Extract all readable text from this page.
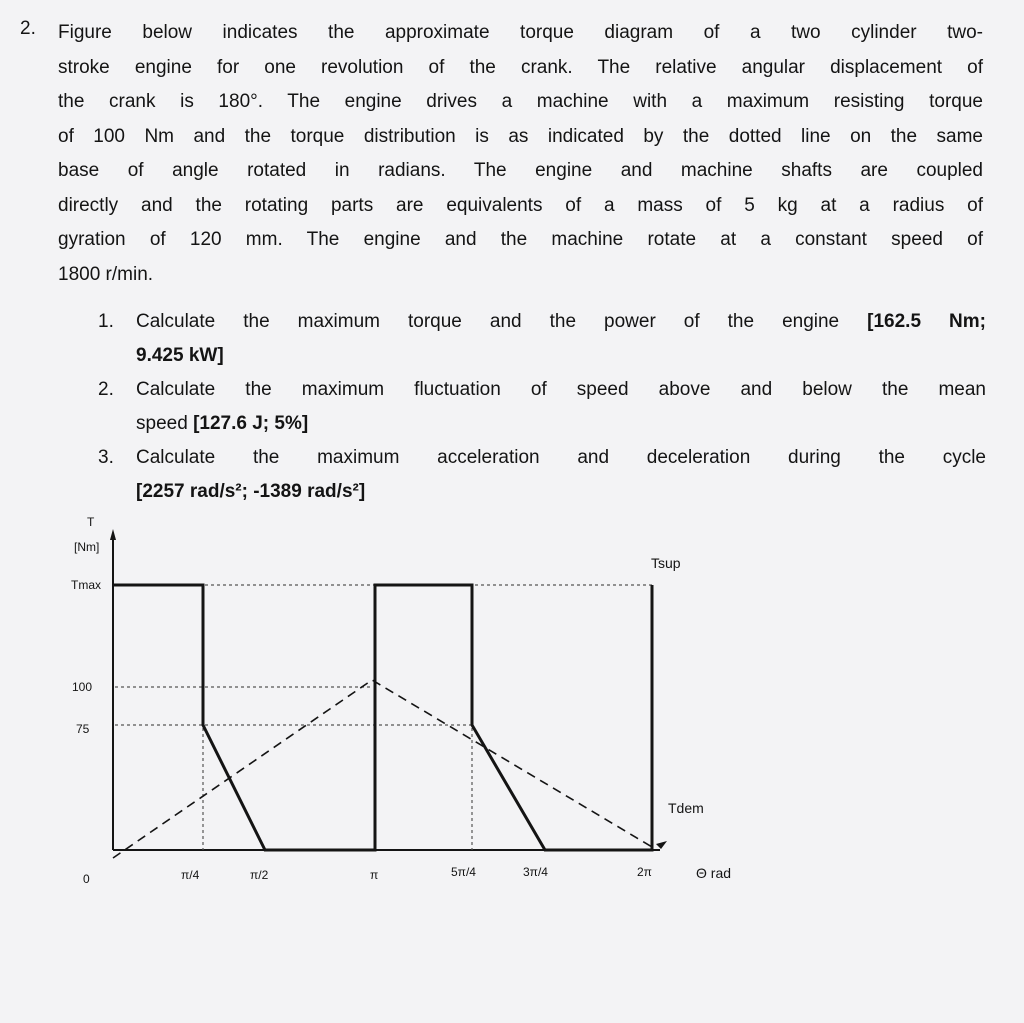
2. Figure below indicates the approximate torque diagram of a two cylinder two-
stroke engine for one revolution of the crank. The relative angular displacement of
the crank is 180°. The engine drives a machine with a maximum resisting torque
of 100 Nm and the torque distribution is as indicated by the dotted line on the same
base of angle rotated in radians. The engine and machine shafts are coupled
directly and the rotating parts are equivalents of a mass of 5 kg at a radius of
gyration of 120 mm. The engine and the machine rotate at a constant speed of
1800 r/min.
1. Calculate the maximum torque and the power of the engine [162.5 Nm;
9.425 kW]
2. Calculate the maximum fluctuation of speed above and below the mean
speed [127.6 J; 5%]
3. Calculate the maximum acceleration and deceleration during the cycle
[2257 rad/s²; -1389 rad/s²]
T
[Nm]
Tmax
100
75
0	π/4	π/2	π	5π/4	3π/4	2π	Θ rad
Tsup
Tdem
